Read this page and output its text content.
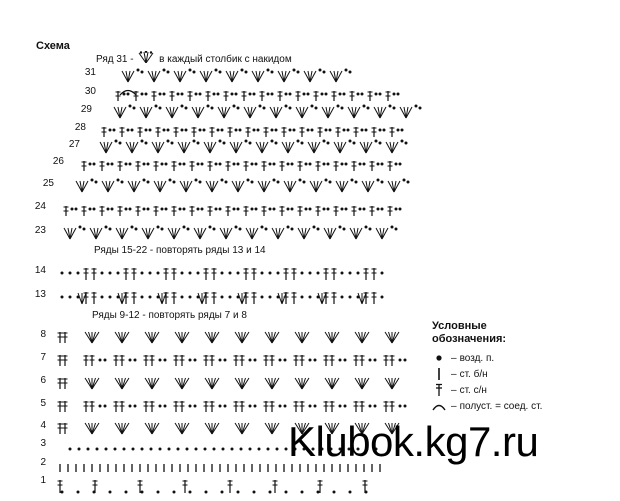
Схема
Ряд 31 -	в каждый столбик с накидом
Ряды 15-22 - повторять ряды 13 и 14
Ряды 9-12 - повторять ряды 7 и 8
31
30
29
28
27
26
25
24
23
14
13
8
7
6
5
4
3
2
1
Условные
обозначения:
– возд. п.
– ст. б/н
– ст. с/н
– полуст. = соед. ст.
Klubok.kg7.ru
